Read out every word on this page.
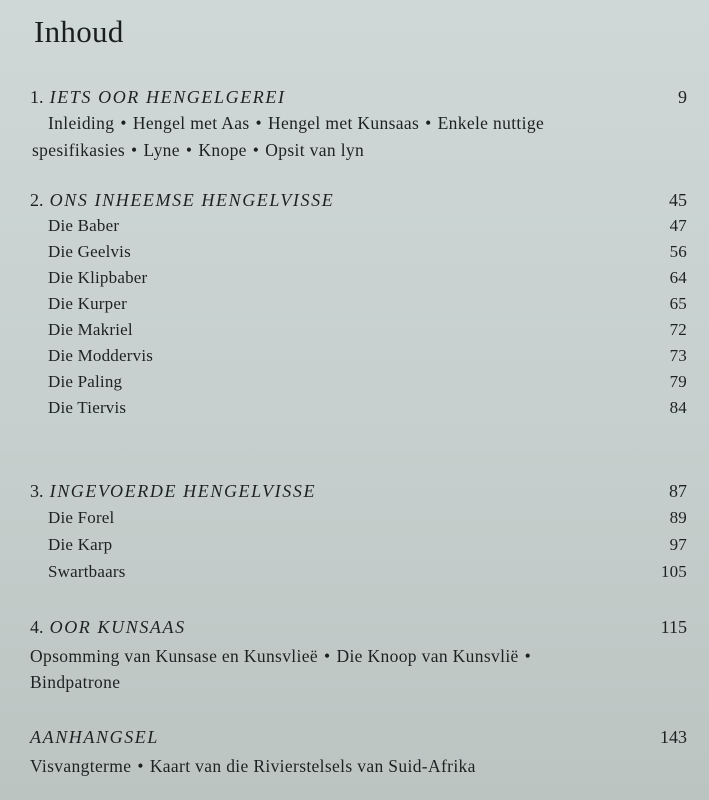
Inhoud
1. IETS OOR HENGELGEREI	9
Inleiding • Hengel met Aas • Hengel met Kunsaas • Enkele nuttige
spesifikasies • Lyne • Knope • Opsit van lyn
2. ONS INHEEMSE HENGELVISSE	45
Die Baber	47
Die Geelvis	56
Die Klipbaber	64
Die Kurper	65
Die Makriel	72
Die Moddervis	73
Die Paling	79
Die Tiervis	84
3. INGEVOERDE HENGELVISSE	87
Die Forel	89
Die Karp	97
Swartbaars	105
4. OOR KUNSAAS	115
Opsomming van Kunsase en Kunsvlieë • Die Knoop van Kunsvlië •
Bindpatrone
AANHANGSEL	143
Visvangterme • Kaart van die Rivierstelsels van Suid-Afrika
